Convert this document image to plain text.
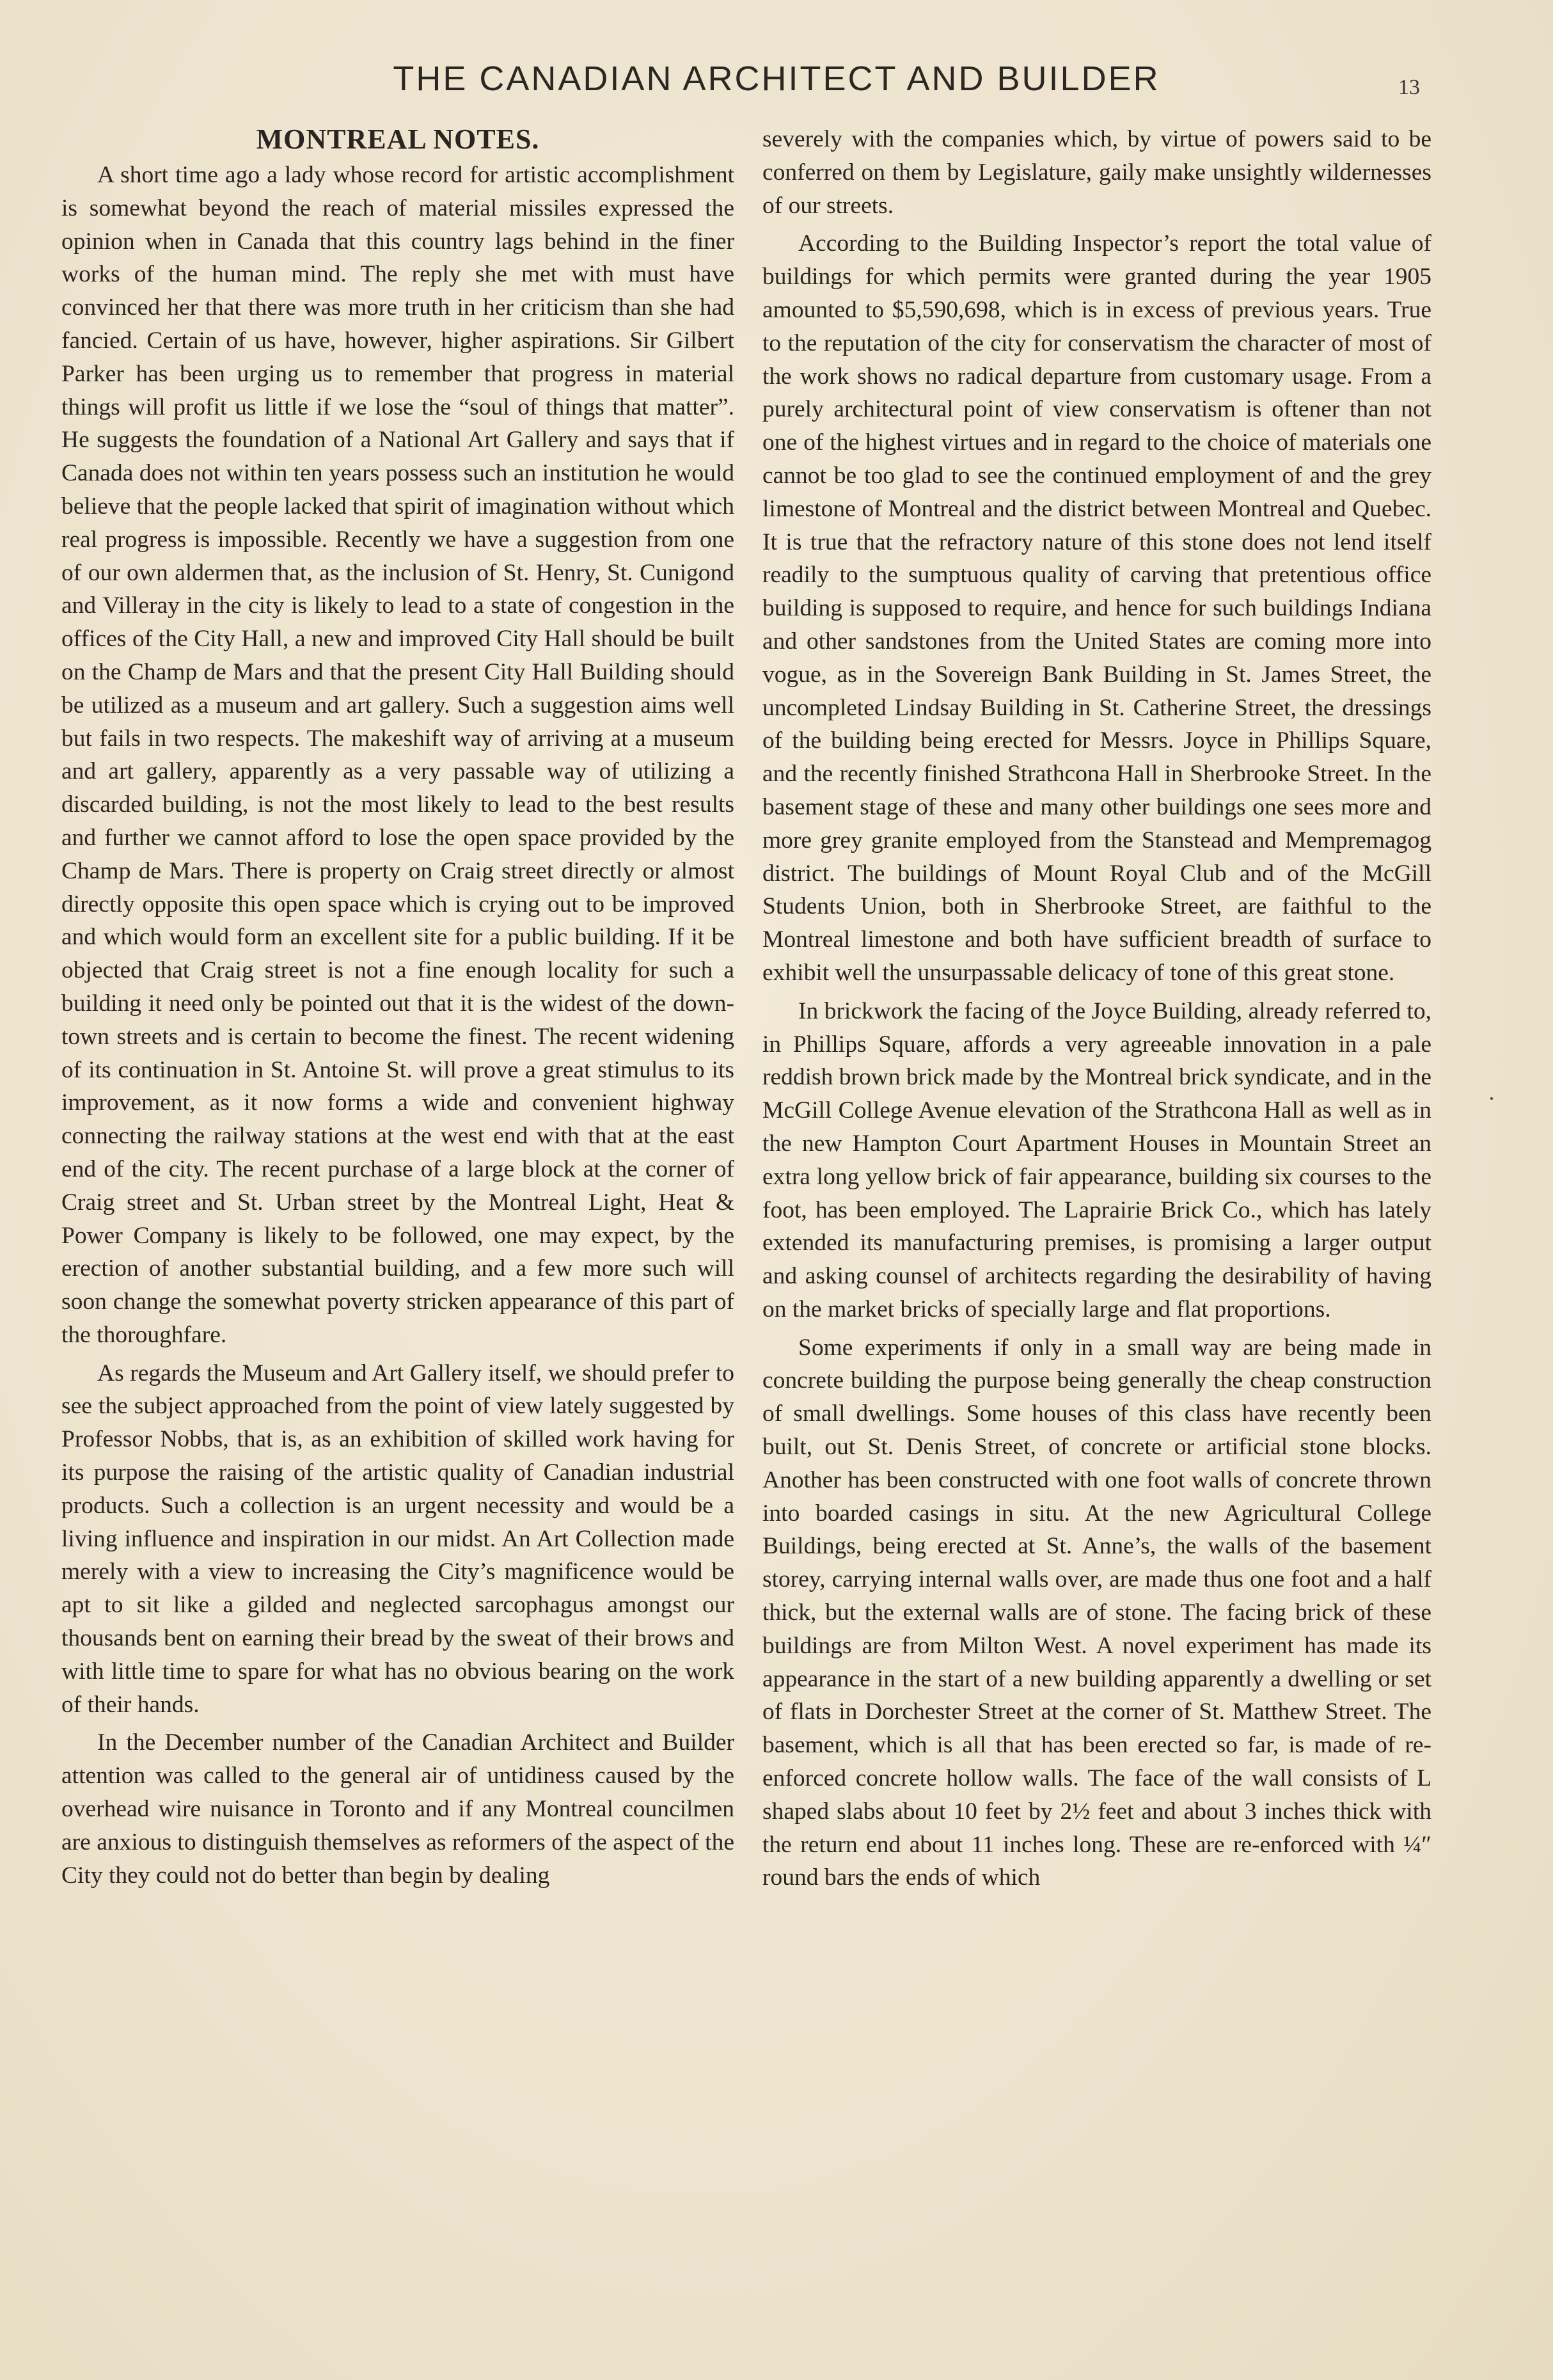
THE CANADIAN ARCHITECT AND BUILDER	13
MONTREAL NOTES.

A short time ago a lady whose record for artistic accomplishment is somewhat beyond the reach of material missiles expressed the opinion when in Canada that this country lags behind in the finer works of the human mind. The reply she met with must have convinced her that there was more truth in her criticism than she had fancied. Certain of us have, however, higher aspirations. Sir Gilbert Parker has been urging us to remember that progress in material things will profit us little if we lose the “soul of things that matter”. He suggests the foundation of a National Art Gallery and says that if Canada does not within ten years possess such an institution he would believe that the people lacked that spirit of imagination without which real progress is impossible. Recently we have a suggestion from one of our own aldermen that, as the inclusion of St. Henry, St. Cunigond and Villeray in the city is likely to lead to a state of congestion in the offices of the City Hall, a new and improved City Hall should be built on the Champ de Mars and that the present City Hall Building should be utilized as a museum and art gallery. Such a suggestion aims well but fails in two respects. The makeshift way of arriving at a museum and art gallery, apparently as a very passable way of utilizing a discarded building, is not the most likely to lead to the best results and further we cannot afford to lose the open space provided by the Champ de Mars. There is property on Craig street directly or almost directly opposite this open space which is crying out to be improved and which would form an excellent site for a public building. If it be objected that Craig street is not a fine enough locality for such a building it need only be pointed out that it is the widest of the down-town streets and is certain to become the finest. The recent widening of its continuation in St. Antoine St. will prove a great stimulus to its improvement, as it now forms a wide and convenient highway connecting the railway stations at the west end with that at the east end of the city. The recent purchase of a large block at the corner of Craig street and St. Urban street by the Montreal Light, Heat & Power Company is likely to be followed, one may expect, by the erection of another substantial building, and a few more such will soon change the somewhat poverty stricken appearance of this part of the thoroughfare.

As regards the Museum and Art Gallery itself, we should prefer to see the subject approached from the point of view lately suggested by Professor Nobbs, that is, as an exhibition of skilled work having for its purpose the raising of the artistic quality of Canadian industrial products. Such a collection is an urgent necessity and would be a living influence and inspiration in our midst. An Art Collection made merely with a view to increasing the City’s magnificence would be apt to sit like a gilded and neglected sarcophagus amongst our thousands bent on earning their bread by the sweat of their brows and with little time to spare for what has no obvious bearing on the work of their hands.

In the December number of the Canadian Architect and Builder attention was called to the general air of untidiness caused by the overhead wire nuisance in Toronto and if any Montreal councilmen are anxious to distinguish themselves as reformers of the aspect of the City they could not do better than begin by dealing

severely with the companies which, by virtue of powers said to be conferred on them by Legislature, gaily make unsightly wildernesses of our streets.

According to the Building Inspector’s report the total value of buildings for which permits were granted during the year 1905 amounted to $5,590,698, which is in excess of previous years. True to the reputation of the city for conservatism the character of most of the work shows no radical departure from customary usage. From a purely architectural point of view conservatism is oftener than not one of the highest virtues and in regard to the choice of materials one cannot be too glad to see the continued employment of and the grey limestone of Montreal and the district between Montreal and Quebec. It is true that the refractory nature of this stone does not lend itself readily to the sumptuous quality of carving that pretentious office building is supposed to require, and hence for such buildings Indiana and other sandstones from the United States are coming more into vogue, as in the Sovereign Bank Building in St. James Street, the uncompleted Lindsay Building in St. Catherine Street, the dressings of the building being erected for Messrs. Joyce in Phillips Square, and the recently finished Strathcona Hall in Sherbrooke Street. In the basement stage of these and many other buildings one sees more and more grey granite employed from the Stanstead and Mempremagog district. The buildings of Mount Royal Club and of the McGill Students Union, both in Sherbrooke Street, are faithful to the Montreal limestone and both have sufficient breadth of surface to exhibit well the unsurpassable delicacy of tone of this great stone.

In brickwork the facing of the Joyce Building, already referred to, in Phillips Square, affords a very agreeable innovation in a pale reddish brown brick made by the Montreal brick syndicate, and in the McGill College Avenue elevation of the Strathcona Hall as well as in the new Hampton Court Apartment Houses in Mountain Street an extra long yellow brick of fair appearance, building six courses to the foot, has been employed. The Laprairie Brick Co., which has lately extended its manufacturing premises, is promising a larger output and asking counsel of architects regarding the desirability of having on the market bricks of specially large and flat proportions.

Some experiments if only in a small way are being made in concrete building the purpose being generally the cheap construction of small dwellings. Some houses of this class have recently been built, out St. Denis Street, of concrete or artificial stone blocks. Another has been constructed with one foot walls of concrete thrown into boarded casings in situ. At the new Agricultural College Buildings, being erected at St. Anne’s, the walls of the basement storey, carrying internal walls over, are made thus one foot and a half thick, but the external walls are of stone. The facing brick of these buildings are from Milton West. A novel experiment has made its appearance in the start of a new building apparently a dwelling or set of flats in Dorchester Street at the corner of St. Matthew Street. The basement, which is all that has been erected so far, is made of re-enforced concrete hollow walls. The face of the wall consists of L shaped slabs about 10 feet by 2½ feet and about 3 inches thick with the return end about 11 inches long. These are re-enforced with ¼″ round bars the ends of which
